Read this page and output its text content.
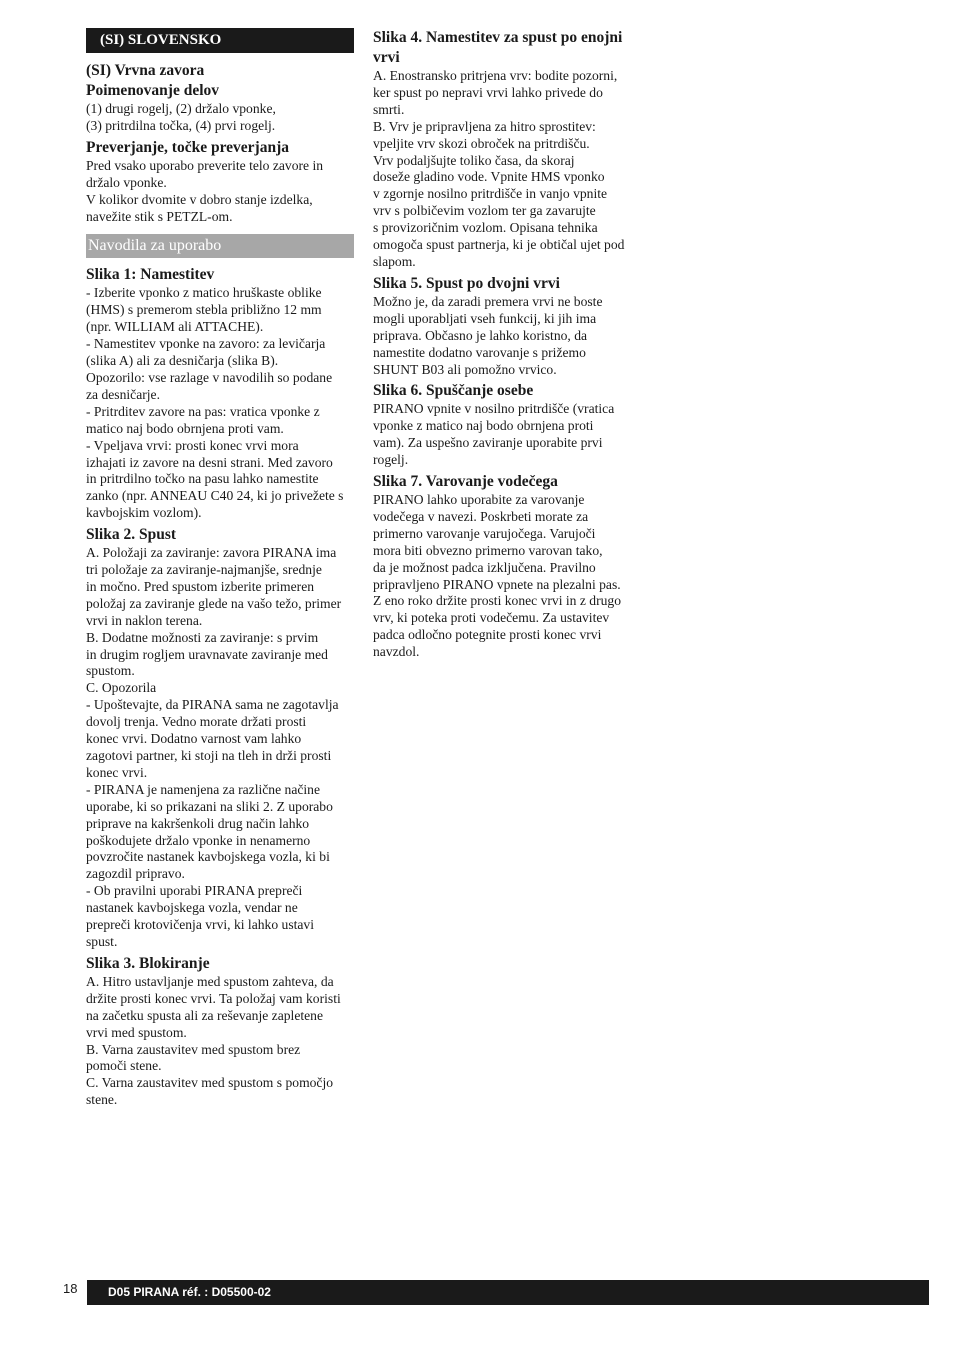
(SI) SLOVENSKO
(SI) Vrvna zavora
Poimenovanje delov

(1) drugi rogelj, (2) držalo vponke,
(3) pritrdilna točka, (4) prvi rogelj.

Preverjanje, točke preverjanja

Pred vsako uporabo preverite telo zavore in
držalo vponke.
V kolikor dvomite v dobro stanje izdelka,
navežite stik s PETZL-om.

Navodila za uporabo
Slika 1: Namestitev

- Izberite vponko z matico hruškaste oblike
(HMS) s premerom stebla približno 12 mm
(npr. WILLIAM ali ATTACHE).
- Namestitev vponke na zavoro: za levičarja
(slika A) ali za desničarja (slika B).
Opozorilo: vse razlage v navodilih so podane
za desničarje.
- Pritrditev zavore na pas: vratica vponke z
matico naj bodo obrnjena proti vam.
- Vpeljava vrvi: prosti konec vrvi mora
izhajati iz zavore na desni strani. Med zavoro
in pritrdilno točko na pasu lahko namestite
zanko (npr. ANNEAU C40 24, ki jo privežete s
kavbojskim vozlom).

Slika 2. Spust

A. Položaji za zaviranje: zavora PIRANA ima
tri položaje za zaviranje-najmanjše, srednje
in močno. Pred spustom izberite primeren
položaj za zaviranje glede na vašo težo, primer
vrvi in naklon terena.
B. Dodatne možnosti za zaviranje: s prvim
in drugim rogljem uravnavate zaviranje med
spustom.
C. Opozorila
- Upoštevajte, da PIRANA sama ne zagotavlja
dovolj trenja. Vedno morate držati prosti
konec vrvi. Dodatno varnost vam lahko
zagotovi partner, ki stoji na tleh in drži prosti
konec vrvi.
- PIRANA je namenjena za različne načine
uporabe, ki so prikazani na sliki 2. Z uporabo
priprave na kakršenkoli drug način lahko
poškodujete držalo vponke in nenamerno
povzročite nastanek kavbojskega vozla, ki bi
zagozdil pripravo.
- Ob pravilni uporabi PIRANA prepreči
nastanek kavbojskega vozla, vendar ne
prepreči krotovičenja vrvi, ki lahko ustavi
spust.

Slika 3. Blokiranje

A. Hitro ustavljanje med spustom zahteva, da
držite prosti konec vrvi. Ta položaj vam koristi
na začetku spusta ali za reševanje zapletene
vrvi med spustom.
B. Varna zaustavitev med spustom brez
pomoči stene.
C. Varna zaustavitev med spustom s pomočjo
stene.

Slika 4. Namestitev za spust po enojni
vrvi

A. Enostransko pritrjena vrv: bodite pozorni,
ker spust po nepravi vrvi lahko privede do
smrti.
B. Vrv je pripravljena za hitro sprostitev:
vpeljite vrv skozi obroček na pritrdišču.
Vrv podaljšujte toliko časa, da skoraj
doseže gladino vode. Vpnite HMS vponko
v zgornje nosilno pritrdišče in vanjo vpnite
vrv s polbičevim vozlom ter ga zavarujte
s provizoričnim vozlom. Opisana tehnika
omogoča spust partnerja, ki je obtičal ujet pod
slapom.

Slika 5. Spust po dvojni vrvi

Možno je, da zaradi premera vrvi ne boste
mogli uporabljati vseh funkcij, ki jih ima
priprava. Občasno je lahko koristno, da
namestite dodatno varovanje s prižemo
SHUNT B03 ali pomožno vrvico.

Slika 6. Spuščanje osebe

PIRANO vpnite v nosilno pritrdišče (vratica
vponke z matico naj bodo obrnjena proti
vam). Za uspešno zaviranje uporabite prvi
rogelj.

Slika 7. Varovanje vodečega

PIRANO lahko uporabite za varovanje
vodečega v navezi. Poskrbeti morate za
primerno varovanje varujočega. Varujoči
mora biti obvezno primerno varovan tako,
da je možnost padca izključena. Pravilno
pripravljeno PIRANO vpnete na plezalni pas.
Z eno roko držite prosti konec vrvi in z drugo
vrv, ki poteka proti vodečemu. Za ustavitev
padca odločno potegnite prosti konec vrvi
navzdol.

18	D05 PIRANA réf. : D05500-02
